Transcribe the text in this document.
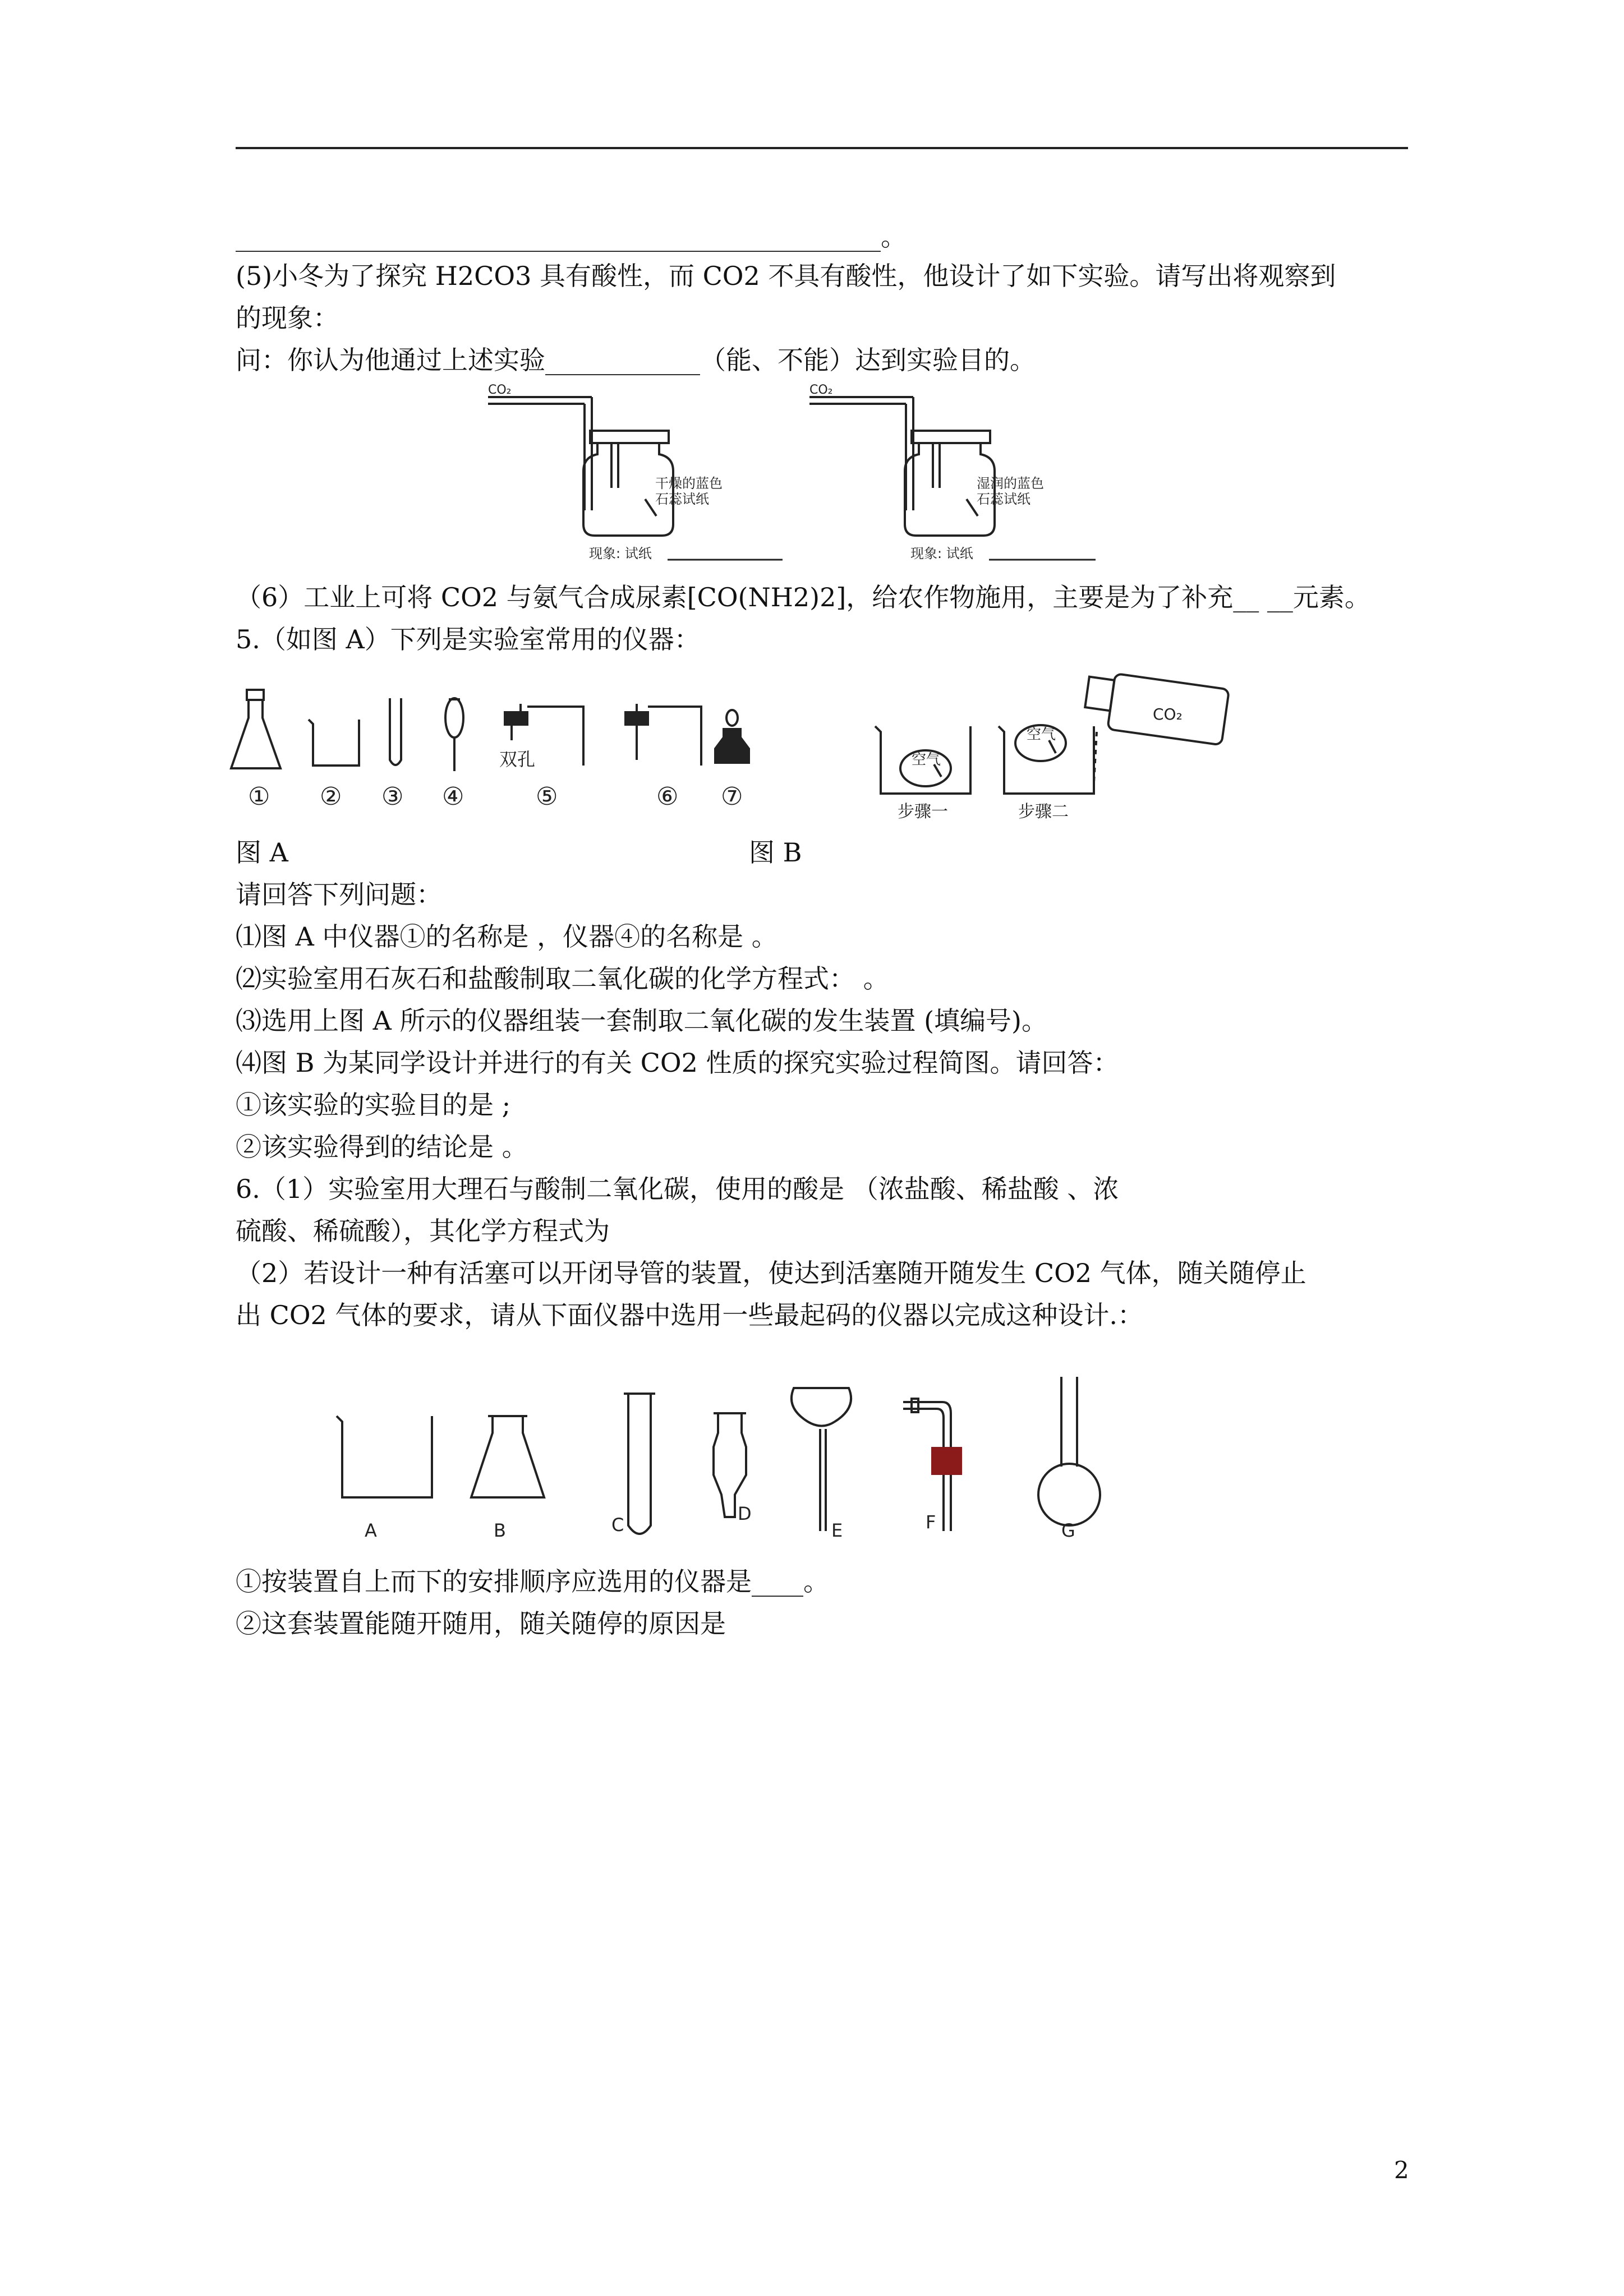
__________________________________________________。
(5)小冬为了探究 H2CO3 具有酸性，而 CO2 不具有酸性，他设计了如下实验。请写出将观察到
的现象：
问：你认为他通过上述实验____________（能、不能）达到实验目的。
CO₂
干燥的蓝色
石蕊试纸
现象: 试纸
CO₂
湿润的蓝色
石蕊试纸
现象: 试纸
（6）工业上可将 CO2 与氨气合成尿素[CO(NH2)2]，给农作物施用，主要是为了补充__ __元素。
5.（如图 A）下列是实验室常用的仪器：
双孔
① ② ③ ④	⑤	⑥ ⑦
空气
空气
CO₂
步骤一	步骤二
图 A	图 B
请回答下列问题：
⑴图 A 中仪器①的名称是 ，仪器④的名称是 。
⑵实验室用石灰石和盐酸制取二氧化碳的化学方程式： 。
⑶选用上图 A 所示的仪器组装一套制取二氧化碳的发生装置 (填编号)。
⑷图 B 为某同学设计并进行的有关 CO2 性质的探究实验过程简图。请回答：
①该实验的实验目的是 ;
②该实验得到的结论是 。
6.（1）实验室用大理石与酸制二氧化碳，使用的酸是 （浓盐酸、稀盐酸 、浓
硫酸、稀硫酸），其化学方程式为
（2）若设计一种有活塞可以开闭导管的装置，使达到活塞随开随发生 CO2 气体，随关随停止
出 CO2 气体的要求，请从下面仪器中选用一些最起码的仪器以完成这种设计.：
A	B	C
D
E	F	G
①按装置自上而下的安排顺序应选用的仪器是____。
②这套装置能随开随用，随关随停的原因是
2
